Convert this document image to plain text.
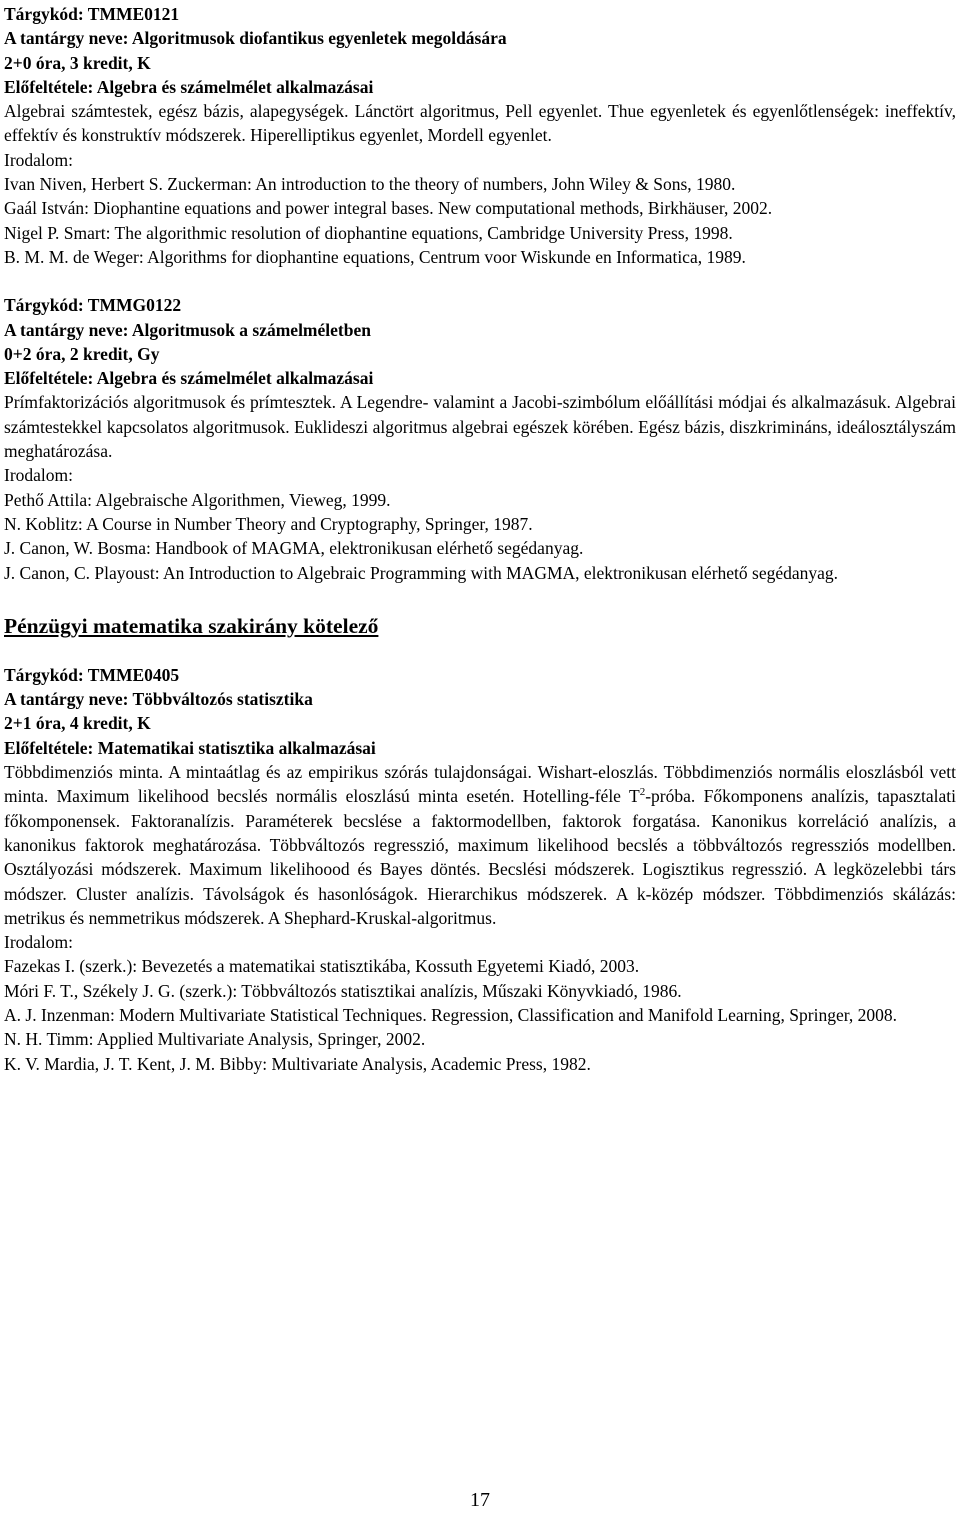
Tárgykód: TMME0121
A tantárgy neve: Algoritmusok diofantikus egyenletek megoldására
2+0 óra, 3 kredit, K
Előfeltétele: Algebra és számelmélet alkalmazásai
Algebrai számtestek, egész bázis, alapegységek. Lánctört algoritmus, Pell egyenlet. Thue egyenletek és egyenlőtlenségek: ineffektív, effektív és konstruktív módszerek. Hiperelliptikus egyenlet, Mordell egyenlet.
Irodalom:
Ivan Niven, Herbert S. Zuckerman: An introduction to the theory of numbers, John Wiley & Sons, 1980.
Gaál István: Diophantine equations and power integral bases. New computational methods, Birkhäuser, 2002.
Nigel P. Smart: The algorithmic resolution of diophantine equations, Cambridge University Press, 1998.
B. M. M. de Weger: Algorithms for diophantine equations, Centrum voor Wiskunde en Informatica, 1989.
Tárgykód: TMMG0122
A tantárgy neve: Algoritmusok a számelméletben
0+2 óra, 2 kredit, Gy
Előfeltétele: Algebra és számelmélet alkalmazásai
Prímfaktorizációs algoritmusok és prímtesztek. A Legendre- valamint a Jacobi-szimbólum előállítási módjai és alkalmazásuk. Algebrai számtestekkel kapcsolatos algoritmusok. Euklideszi algoritmus algebrai egészek körében. Egész bázis, diszkrimináns, ideálosztályszám meghatározása.
Irodalom:
Pethő Attila: Algebraische Algorithmen, Vieweg, 1999.
N. Koblitz: A Course in Number Theory and Cryptography, Springer, 1987.
J. Canon, W. Bosma: Handbook of MAGMA, elektronikusan elérhető segédanyag.
J. Canon, C. Playoust: An Introduction to Algebraic Programming with MAGMA, elektronikusan elérhető segédanyag.
Pénzügyi matematika szakirány kötelező
Tárgykód: TMME0405
A tantárgy neve: Többváltozós statisztika
2+1 óra, 4 kredit, K
Előfeltétele: Matematikai statisztika alkalmazásai
Többdimenziós minta. A mintaátlag és az empirikus szórás tulajdonságai. Wishart-eloszlás. Többdimenziós normális eloszlásból vett minta. Maximum likelihood becslés normális eloszlású minta esetén. Hotelling-féle $T^2$-próba. Főkomponens analízis, tapasztalati főkomponensek. Faktoranalízis. Paraméterek becslése a faktormodellben, faktorok forgatása. Kanonikus korreláció analízis, a kanonikus faktorok meghatározása. Többváltozós regresszió, maximum likelihood becslés a többváltozós regressziós modellben. Osztályozási módszerek. Maximum likelihoood és Bayes döntés. Becslési módszerek. Logisztikus regresszió. A legközelebbi társ módszer. Cluster analízis. Távolságok és hasonlóságok. Hierarchikus módszerek. A k-közép módszer. Többdimenziós skálázás: metrikus és nemmetrikus módszerek. A Shephard-Kruskal-algoritmus.
Irodalom:
Fazekas I. (szerk.): Bevezetés a matematikai statisztikába, Kossuth Egyetemi Kiadó, 2003.
Móri F. T., Székely J. G. (szerk.): Többváltozós statisztikai analízis, Műszaki Könyvkiadó, 1986.
A. J. Inzenman: Modern Multivariate Statistical Techniques. Regression, Classification and Manifold Learning, Springer, 2008.
N. H. Timm: Applied Multivariate Analysis, Springer, 2002.
K. V. Mardia, J. T. Kent, J. M. Bibby: Multivariate Analysis, Academic Press, 1982.
17
